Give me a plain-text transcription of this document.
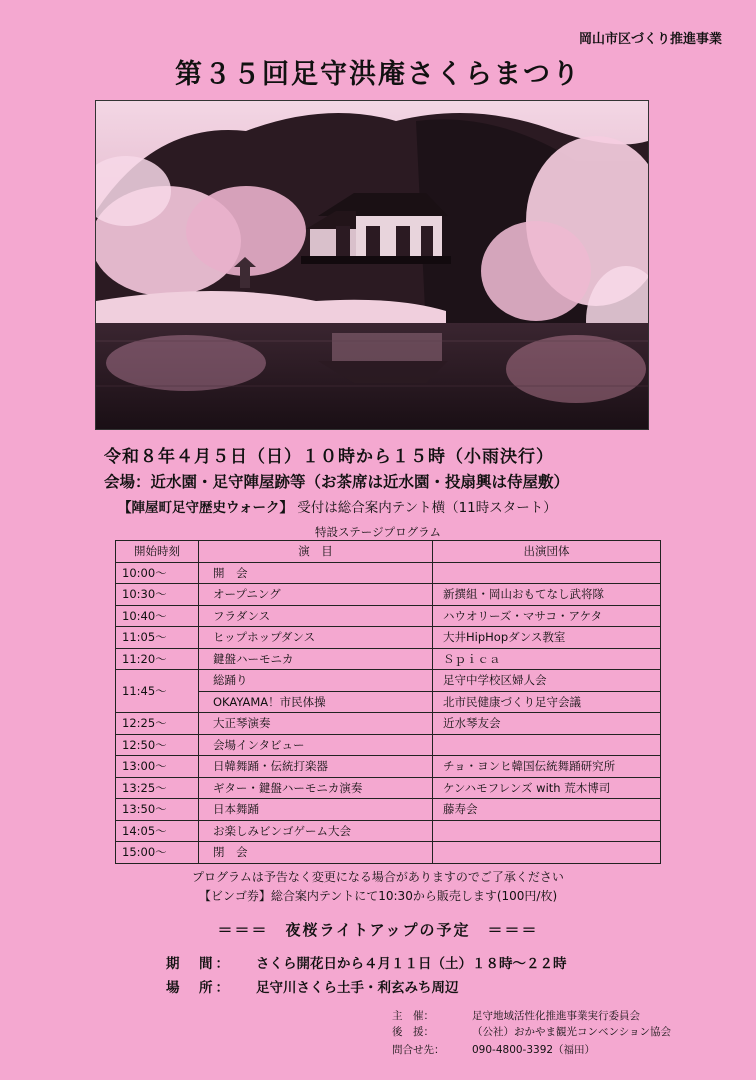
岡山市区づくり推進事業
第３５回足守洪庵さくらまつり
令和８年４月５日（日）１０時から１５時（小雨決行）
会場：近水園・足守陣屋跡等（お茶席は近水園・投扇興は侍屋敷）
【陣屋町足守歴史ウォーク】 受付は総合案内テント横（11時スタート）
特設ステージプログラム
開始時刻	演　目	出演団体
10:00～	開　会	
10:30～	オープニング	新撰組・岡山おもてなし武将隊
10:40～	フラダンス	ハウオリーズ・マサコ・アケタ
11:05～	ヒップホップダンス	大井HipHopダンス教室
11:20～	鍵盤ハーモニカ	Ｓｐｉｃａ
11:45～	総踊り	足守中学校区婦人会
	OKAYAMA！市民体操	北市民健康づくり足守会議
12:25～	大正琴演奏	近水琴友会
12:50～	会場インタビュー	
13:00～	日韓舞踊・伝統打楽器	チョ・ヨンヒ韓国伝統舞踊研究所
13:25～	ギター・鍵盤ハーモニカ演奏	ケンハモフレンズ with 荒木博司
13:50～	日本舞踊	藤寿会
14:05～	お楽しみビンゴゲーム大会	
15:00～	閉　会	
プログラムは予告なく変更になる場合がありますのでご了承ください
【ビンゴ券】総合案内テントにて10:30から販売します(100円/枚)
＝＝＝　夜桜ライトアップの予定　＝＝＝
期　間： さくら開花日から４月１１日（土）１８時～２２時
場　所： 足守川さくら土手・利玄みち周辺
主　催：	足守地域活性化推進事業実行委員会
後　援：	（公社）おかやま観光コンベンション協会
問合せ先：	090-4800-3392（福田）
